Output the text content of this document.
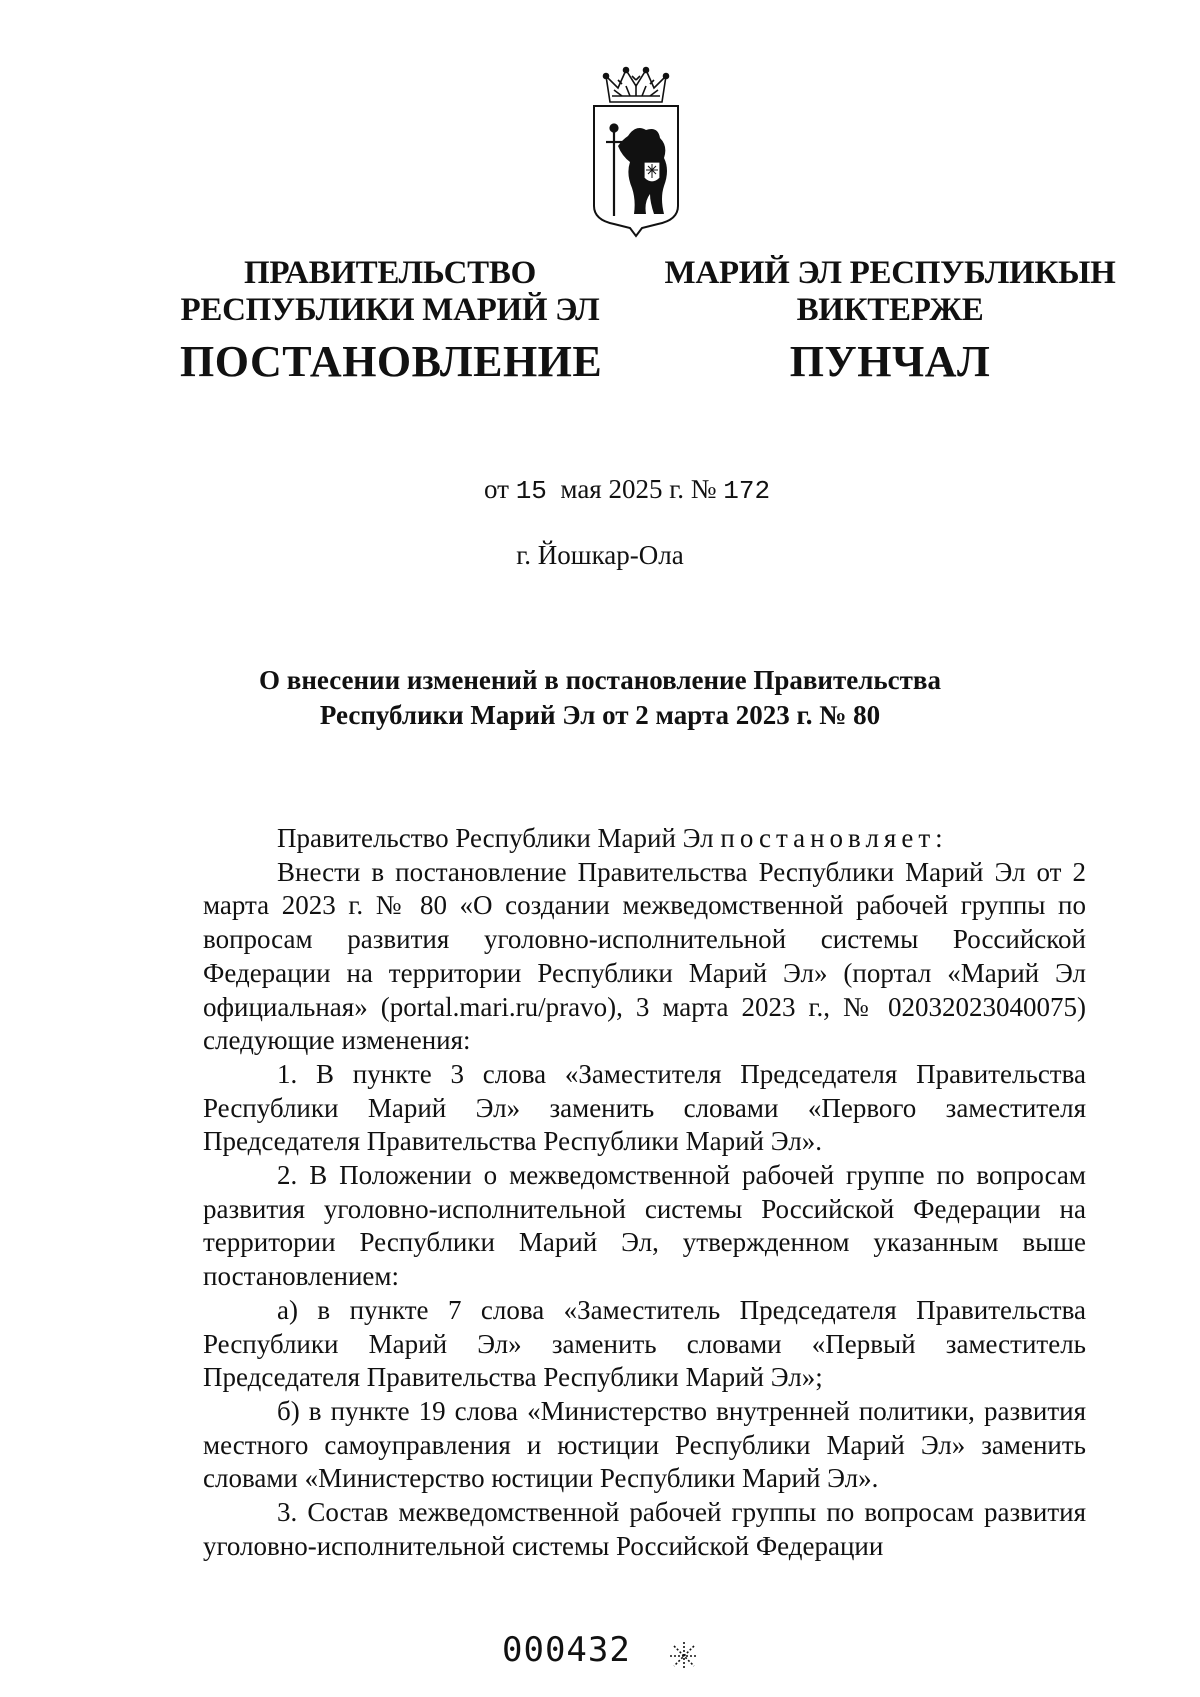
ПРАВИТЕЛЬСТВО
РЕСПУБЛИКИ МАРИЙ ЭЛ
ПОСТАНОВЛЕНИЕ
МАРИЙ ЭЛ РЕСПУБЛИКЫН
ВИКТЕРЖЕ
ПУНЧАЛ
от 15 мая 2025 г. № 172
г. Йошкар-Ола
О внесении изменений в постановление Правительства
Республики Марий Эл от 2 марта 2023 г. № 80

Правительство Республики Марий Эл постановляет:

Внести в постановление Правительства Республики Марий Эл от 2 марта 2023 г. № 80 «О создании межведомственной рабочей группы по вопросам развития уголовно-исполнительной системы Российской Федерации на территории Республики Марий Эл» (портал «Марий Эл официальная» (portal.mari.ru/pravo), 3 марта 2023 г., № 02032023040075) следующие изменения:

1. В пункте 3 слова «Заместителя Председателя Правительства Республики Марий Эл» заменить словами «Первого заместителя Председателя Правительства Республики Марий Эл».

2. В Положении о межведомственной рабочей группе по вопросам развития уголовно-исполнительной системы Российской Федерации на территории Республики Марий Эл, утвержденном указанным выше постановлением:

а) в пункте 7 слова «Заместитель Председателя Правительства Республики Марий Эл» заменить словами «Первый заместитель Председателя Правительства Республики Марий Эл»;

б) в пункте 19 слова «Министерство внутренней политики, развития местного самоуправления и юстиции Республики Марий Эл» заменить словами «Министерство юстиции Республики Марий Эл».

3. Состав межведомственной рабочей группы по вопросам развития уголовно-исполнительной системы Российской Федерации

000432
